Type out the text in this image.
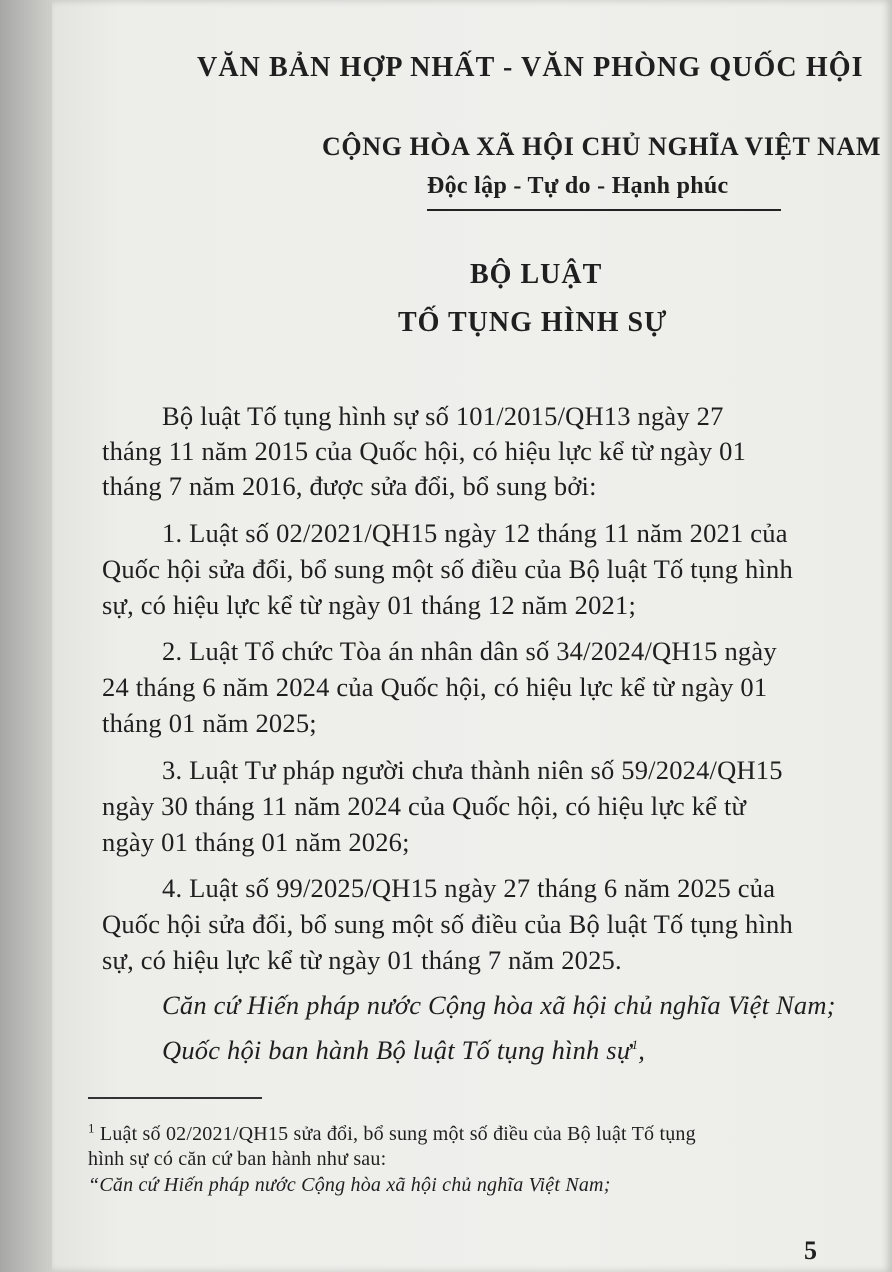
VĂN BẢN HỢP NHẤT - VĂN PHÒNG QUỐC HỘI

CỘNG HÒA XÃ HỘI CHỦ NGHĨA VIỆT NAM

Độc lập - Tự do - Hạnh phúc

BỘ LUẬT

TỐ TỤNG HÌNH SỰ

Bộ luật Tố tụng hình sự số 101/2015/QH13 ngày 27

tháng 11 năm 2015 của Quốc hội, có hiệu lực kể từ ngày 01

tháng 7 năm 2016, được sửa đổi, bổ sung bởi:

1. Luật số 02/2021/QH15 ngày 12 tháng 11 năm 2021 của

Quốc hội sửa đổi, bổ sung một số điều của Bộ luật Tố tụng hình

sự, có hiệu lực kể từ ngày 01 tháng 12 năm 2021;

2. Luật Tổ chức Tòa án nhân dân số 34/2024/QH15 ngày

24 tháng 6 năm 2024 của Quốc hội, có hiệu lực kể từ ngày 01

tháng 01 năm 2025;

3. Luật Tư pháp người chưa thành niên số 59/2024/QH15

ngày 30 tháng 11 năm 2024 của Quốc hội, có hiệu lực kể từ

ngày 01 tháng 01 năm 2026;

4. Luật số 99/2025/QH15 ngày 27 tháng 6 năm 2025 của

Quốc hội sửa đổi, bổ sung một số điều của Bộ luật Tố tụng hình

sự, có hiệu lực kể từ ngày 01 tháng 7 năm 2025.

Căn cứ Hiến pháp nước Cộng hòa xã hội chủ nghĩa Việt Nam;

Quốc hội ban hành Bộ luật Tố tụng hình sự$^1$,

$^1$ Luật số 02/2021/QH15 sửa đổi, bổ sung một số điều của Bộ luật Tố tụng

hình sự có căn cứ ban hành như sau:

“Căn cứ Hiến pháp nước Cộng hòa xã hội chủ nghĩa Việt Nam;

5
